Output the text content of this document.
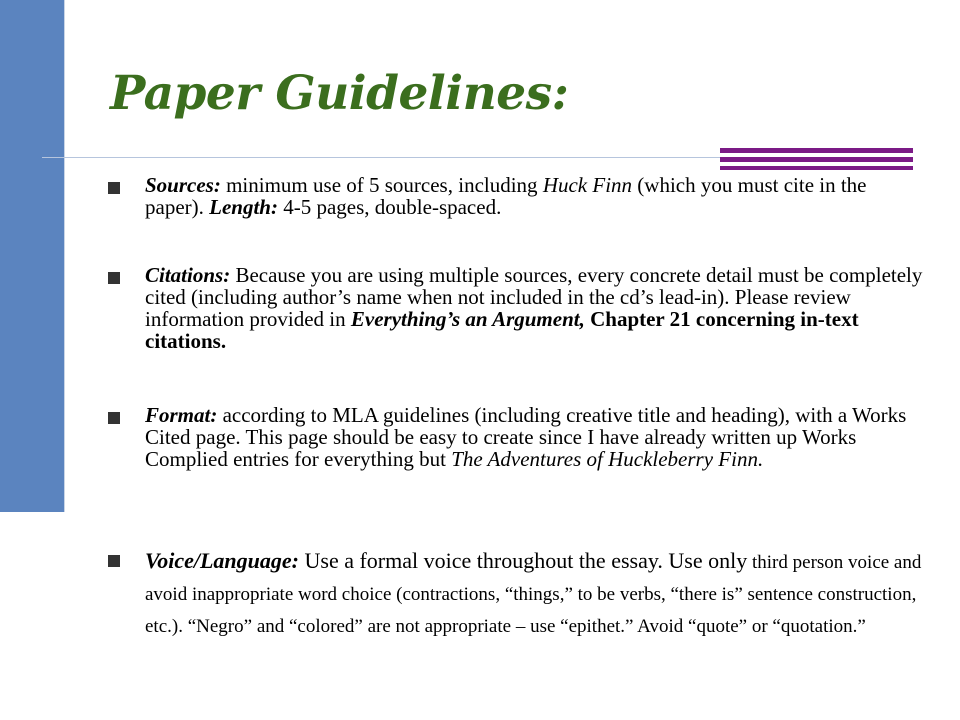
Paper Guidelines:
Sources: minimum use of 5 sources, including Huck Finn (which you must cite in the paper). Length: 4-5 pages, double-spaced.
Citations: Because you are using multiple sources, every concrete detail must be completely cited (including author’s name when not included in the cd’s lead-in). Please review information provided in Everything’s an Argument, Chapter 21 concerning in-text citations.
Format: according to MLA guidelines (including creative title and heading), with a Works Cited page. This page should be easy to create since I have already written up Works Complied entries for everything but The Adventures of Huckleberry Finn.
Voice/Language: Use a formal voice throughout the essay. Use only third person voice and avoid inappropriate word choice (contractions, “things,” to be verbs, “there is” sentence construction, etc.). “Negro” and “colored” are not appropriate – use “epithet.” Avoid “quote” or “quotation.”
